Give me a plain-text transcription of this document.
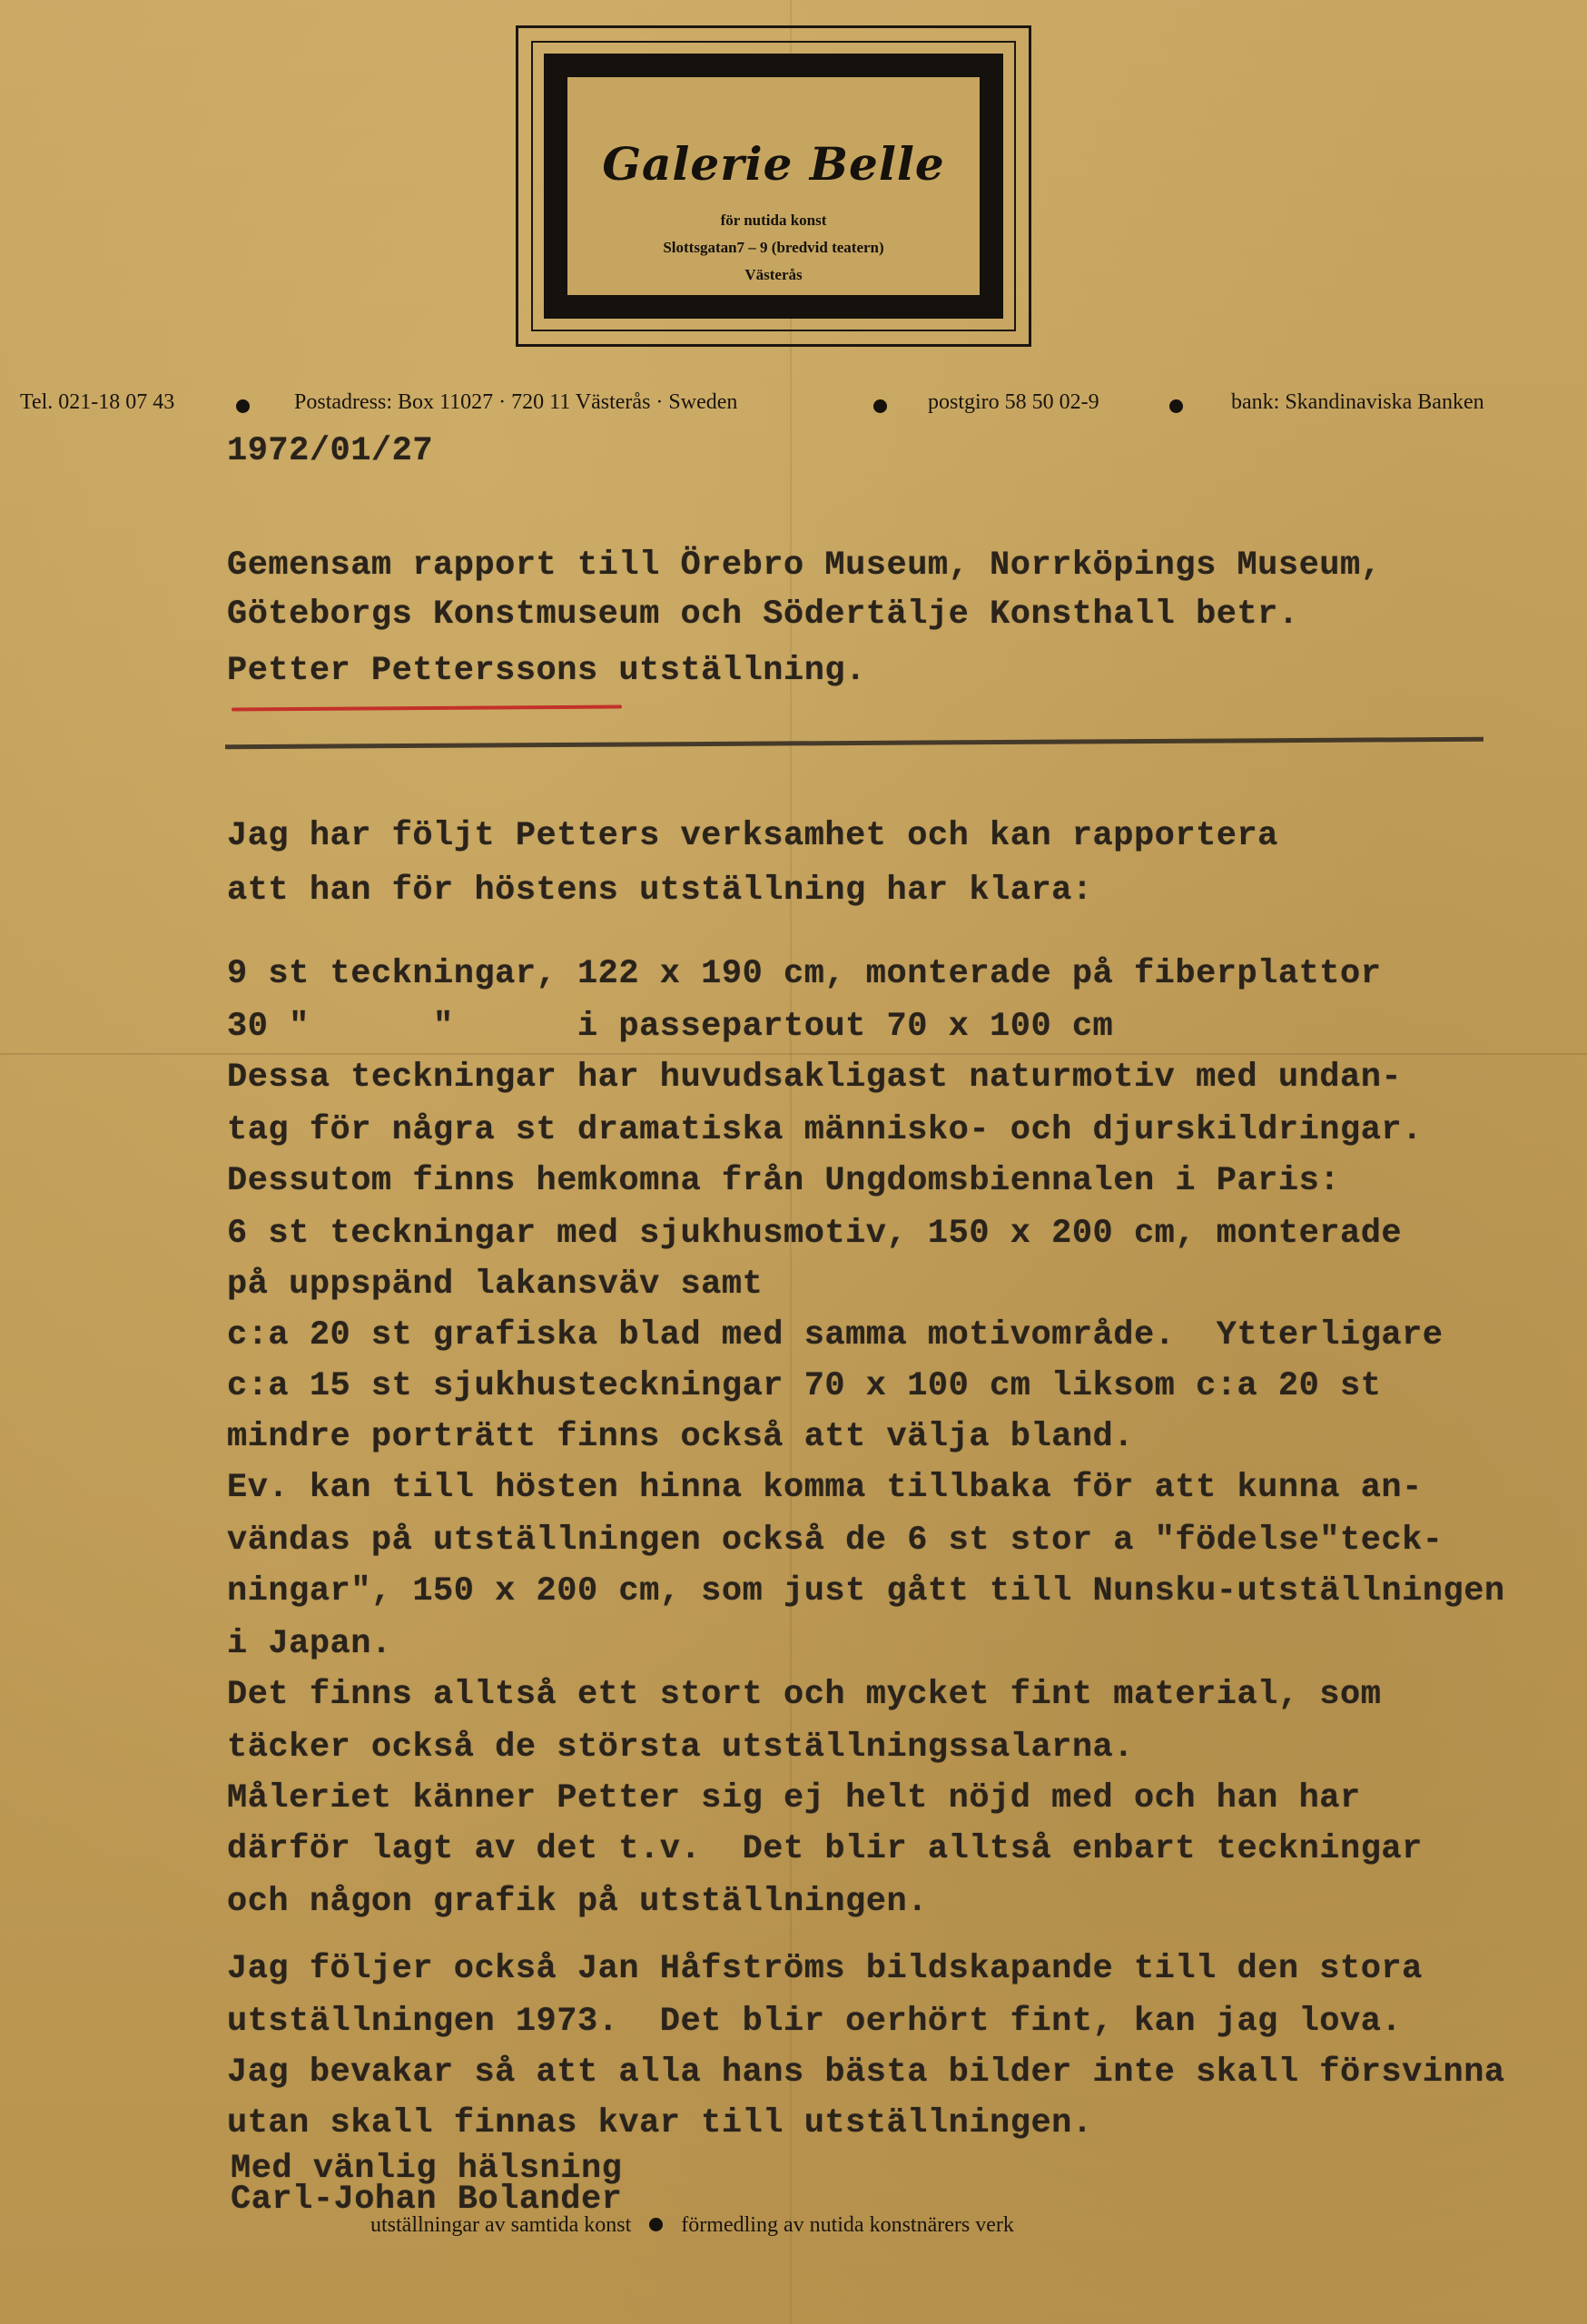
Galerie Belle
för nutida konst
Slottsgatan7 – 9 (bredvid teatern)
Västerås
Tel. 021-18 07 43	Postadress: Box 11027 · 720 11 Västerås · Sweden	postgiro 58 50 02-9	bank: Skandinaviska Banken
1972/01/27
Gemensam rapport till Örebro Museum, Norrköpings Museum,
Göteborgs Konstmuseum och Södertälje Konsthall betr.
Petter Petterssons utställning.
Jag har följt Petters verksamhet och kan rapportera
att han för höstens utställning har klara:
9 st teckningar, 122 x 190 cm, monterade på fiberplattor
30 "      "      i passepartout 70 x 100 cm
Dessa teckningar har huvudsakligast naturmotiv med undan-
tag för några st dramatiska människo- och djurskildringar.
Dessutom finns hemkomna från Ungdomsbiennalen i Paris:
6 st teckningar med sjukhusmotiv, 150 x 200 cm, monterade
på uppspänd lakansväv samt
c:a 20 st grafiska blad med samma motivområde.  Ytterligare
c:a 15 st sjukhusteckningar 70 x 100 cm liksom c:a 20 st
mindre porträtt finns också att välja bland.
Ev. kan till hösten hinna komma tillbaka för att kunna an-
vändas på utställningen också de 6 st stor a "födelse"teck-
ningar", 150 x 200 cm, som just gått till Nunsku-utställningen
i Japan.
Det finns alltså ett stort och mycket fint material, som
täcker också de största utställningssalarna.
Måleriet känner Petter sig ej helt nöjd med och han har
därför lagt av det t.v.  Det blir alltså enbart teckningar
och någon grafik på utställningen.
Jag följer också Jan Håfströms bildskapande till den stora
utställningen 1973.  Det blir oerhört fint, kan jag lova.
Jag bevakar så att alla hans bästa bilder inte skall försvinna
utan skall finnas kvar till utställningen.
Med vänlig hälsning
Carl-Johan Bolander
utställningar av samtida konst förmedling av nutida konstnärers verk
